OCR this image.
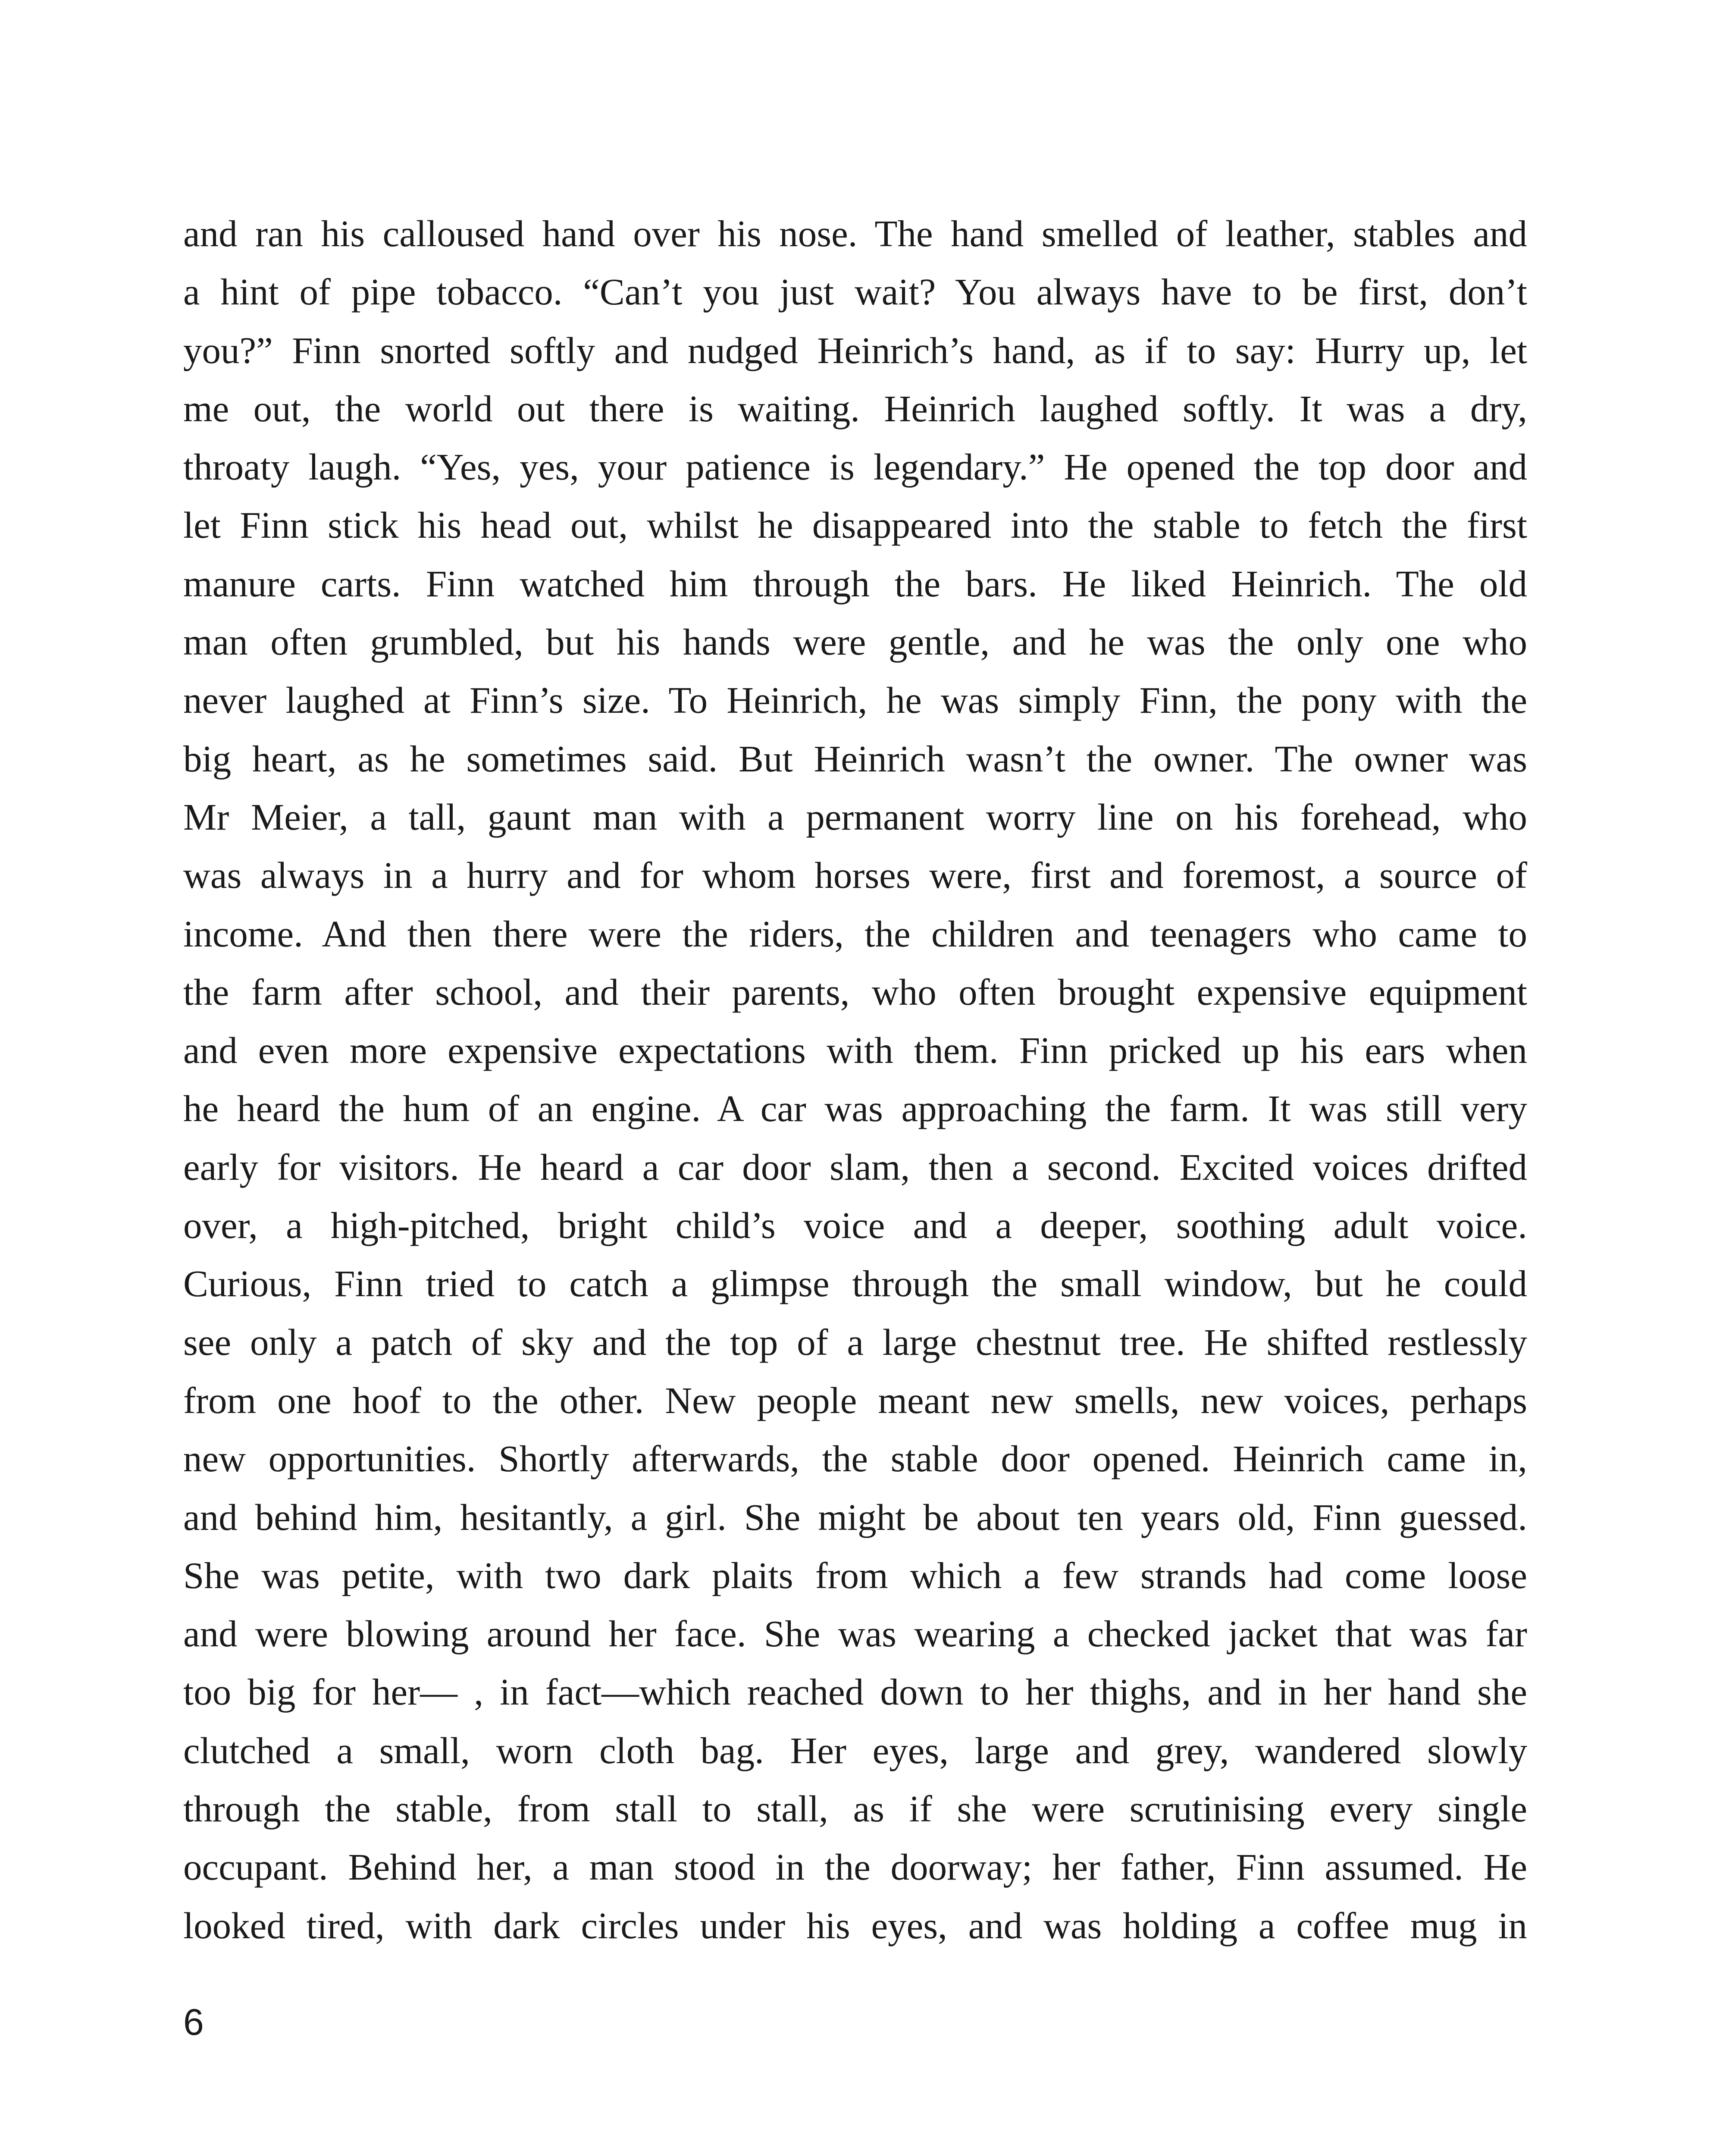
and ran his calloused hand over his nose. The hand smelled of leather, stables and
a hint of pipe tobacco. “Can’t you just wait? You always have to be first, don’t
you?” Finn snorted softly and nudged Heinrich’s hand, as if to say: Hurry up, let
me out, the world out there is waiting. Heinrich laughed softly. It was a dry,
throaty laugh. “Yes, yes, your patience is legendary.” He opened the top door and
let Finn stick his head out, whilst he disappeared into the stable to fetch the first
manure carts. Finn watched him through the bars. He liked Heinrich. The old
man often grumbled, but his hands were gentle, and he was the only one who
never laughed at Finn’s size. To Heinrich, he was simply Finn, the pony with the
big heart, as he sometimes said. But Heinrich wasn’t the owner. The owner was
Mr Meier, a tall, gaunt man with a permanent worry line on his forehead, who
was always in a hurry and for whom horses were, first and foremost, a source of
income. And then there were the riders, the children and teenagers who came to
the farm after school, and their parents, who often brought expensive equipment
and even more expensive expectations with them. Finn pricked up his ears when
he heard the hum of an engine. A car was approaching the farm. It was still very
early for visitors. He heard a car door slam, then a second. Excited voices drifted
over, a high-pitched, bright child’s voice and a deeper, soothing adult voice.
Curious, Finn tried to catch a glimpse through the small window, but he could
see only a patch of sky and the top of a large chestnut tree. He shifted restlessly
from one hoof to the other. New people meant new smells, new voices, perhaps
new opportunities. Shortly afterwards, the stable door opened. Heinrich came in,
and behind him, hesitantly, a girl. She might be about ten years old, Finn guessed.
She was petite, with two dark plaits from which a few strands had come loose
and were blowing around her face. She was wearing a checked jacket that was far
too big for her— , in fact—which reached down to her thighs, and in her hand she
clutched a small, worn cloth bag. Her eyes, large and grey, wandered slowly
through the stable, from stall to stall, as if she were scrutinising every single
occupant. Behind her, a man stood in the doorway; her father, Finn assumed. He
looked tired, with dark circles under his eyes, and was holding a coffee mug in
6
